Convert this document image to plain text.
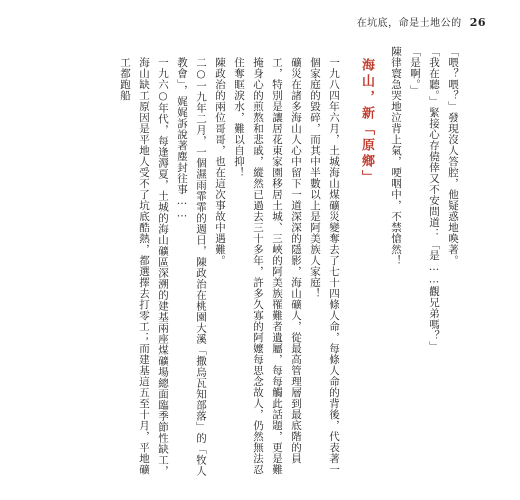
在坑底，命是土地公的 26
「喂？喂？」發現沒人答腔，他疑惑地喚著。
「我在聽。」緊接心存僥倖又不安問道：「是……觀兄弟嗎？」
「是啊。」
陳律寰急哭地泣背上氣，哽咽中，不禁愴然！
海山，新「原鄉」
一九八四年六月，土城海山煤礦災變奪去了七十四條人命，每條人命的背後，代表著一個家庭的毀碎，而其中半數以上是阿美族人家庭！
礦災在諸多海山人心中留下一道深深的隱影，海山礦人，從最高管理層到最底階的員工，特別是讓居花東家園移居土城、三峽的阿美族罹難者遺屬，每每觸此話題，更是難掩身心的煎熬和悲戚，縱然已過去三十多年，許多久寡的阿嬤每思念故人，仍然無法忍住奪眶淚水，難以自抑！
陳政治的兩位哥哥，也在這次事故中遇難。
二○一九年二月，一個濕雨霏霏的週日，陳政治在桃園大溪「撒烏瓦知部落」的「牧人教會」，娓娓訴說著塵封往事……
一九六○年代，每逢溽夏，土城的海山礦區深溯的建基兩座煤礦場總面臨季節性缺工，海山缺工原因是平地人受不了坑底酷熱，都選擇去打零工；而建基這五至十月，平地礦工都跑船
